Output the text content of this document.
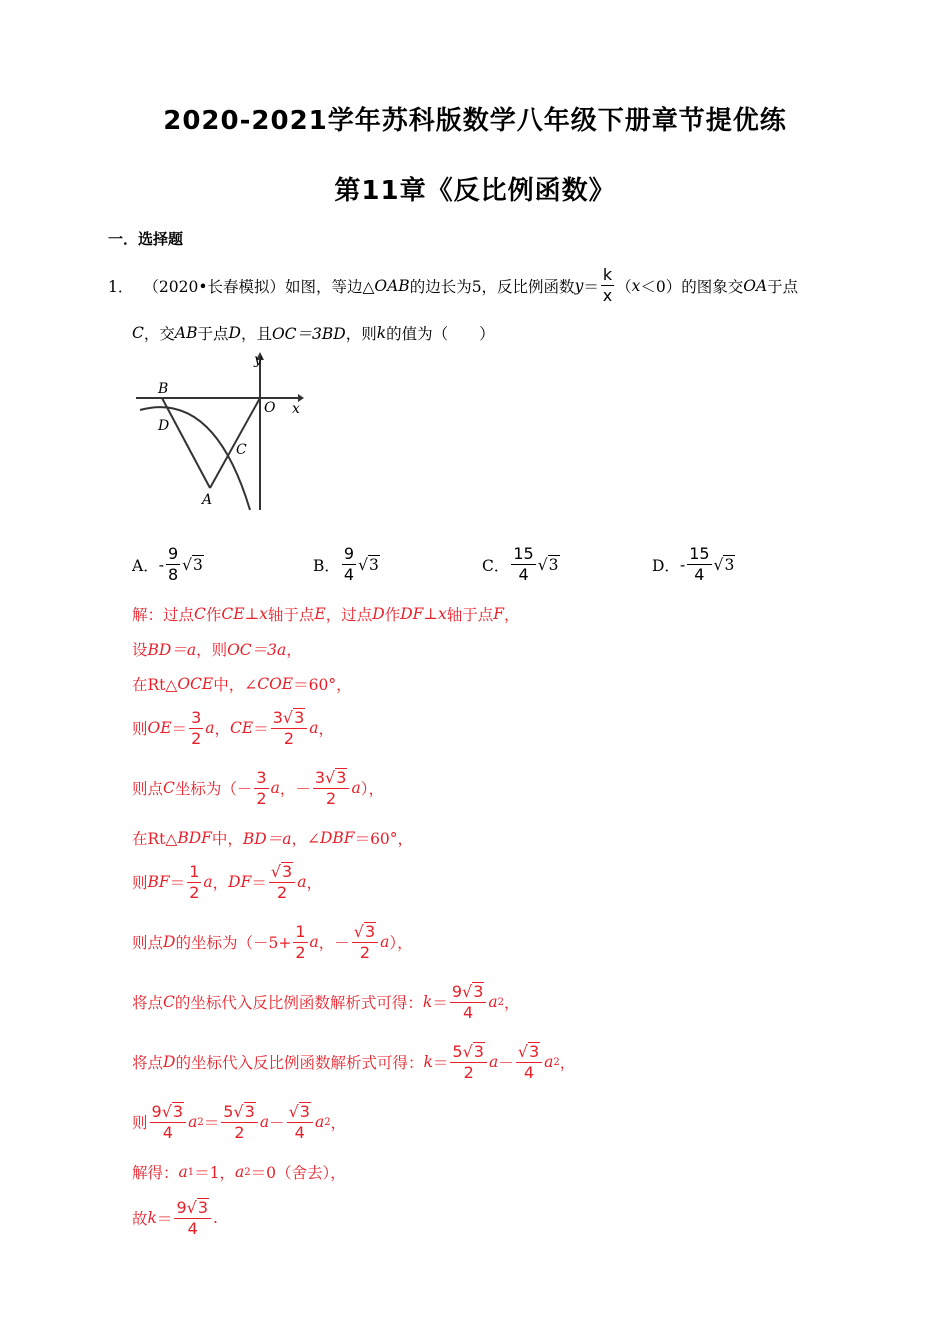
2020-2021学年苏科版数学八年级下册章节提优练
第11章《反比例函数》
一．选择题
1． （2020•长春模拟） 如图，等边△ OAB 的边长为5，反比例函数 $y = \frac{k}{x}$ （ x ＜0）的图象交 OA 于点
C ，交 AB 于点 D ，且 OC＝3BD ，则 k 的值为（　　）
y
x
O
B
D
C
A
A． - $\frac{9}{8}$ √ 3	B． $\frac{9}{4}$ √ 3	C． $\frac{15}{4}$ √ 3	D． - $\frac{15}{4}$ √ 3
解：过点 C 作 CE⊥x 轴于点 E ，过点 D 作 DF⊥x 轴于点 F ，
设 BD＝a ，则 OC＝3a ，
在Rt△ OCE 中，∠ COE ＝60°，
则 OE ＝ $\frac{3}{2}$ a ， CE ＝ $\frac{3√3}{2}$ a ，
则点 C 坐标为（－ $\frac{3}{2}$ a ，－ $\frac{3√3}{2}$ a ），
在Rt△ BDF 中， BD＝a ，∠ DBF ＝60°，
则 BF ＝ $\frac{1}{2}$ a ， DF ＝ $\frac{√3}{2}$ a ，
则点 D 的坐标为（$-5+ \frac{1}{2}$ a ，－ $\frac{√3}{2}$ a ），
将点 C 的坐标代入反比例函数解析式可得： $k = \frac{9√3}{4}$ a 2 ，
将点 D 的坐标代入反比例函数解析式可得： $k = \frac{5√3}{2}$ $a - \frac{√3}{4}$ a 2 ，
则 $\frac{9√3}{4}$ a $2 = \frac{5√3}{2}$ $a - \frac{√3}{4}$ a 2 ，
解得： a 1 ＝1， a 2 ＝0（舍去），
故 $k = \frac{9√3}{4}$ .
